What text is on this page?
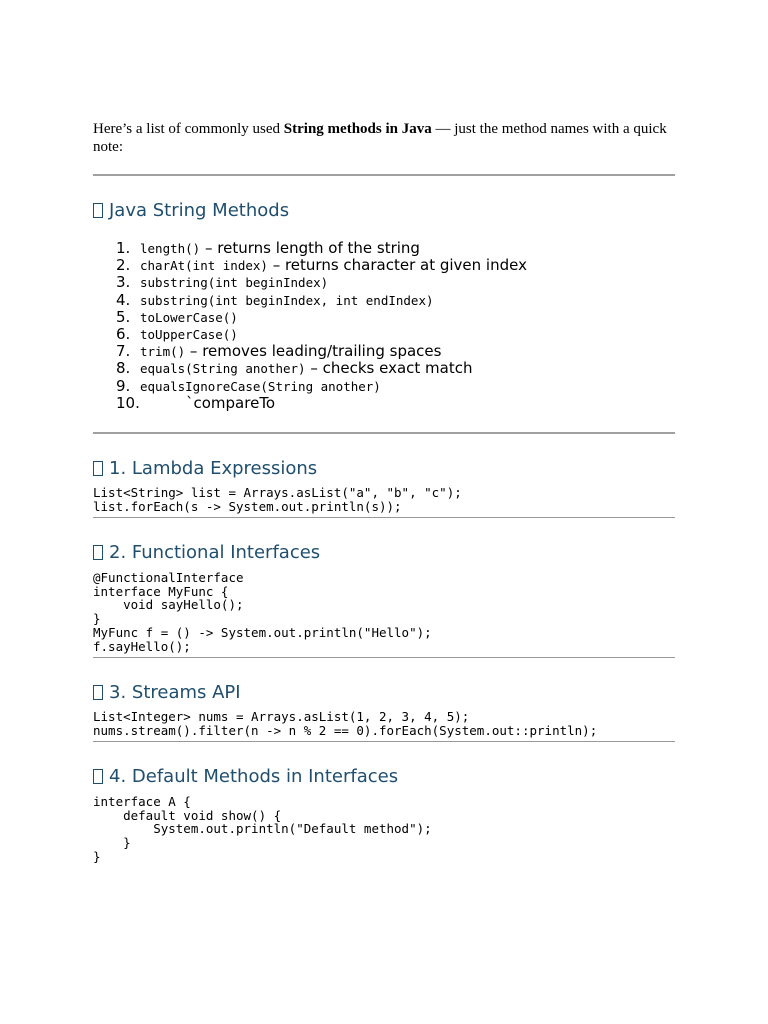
Here’s a list of commonly used String methods in Java — just the method names with a quick note:

Java String Methods
1. length() – returns length of the string
2. charAt(int index) – returns character at given index
3. substring(int beginIndex)
4. substring(int beginIndex, int endIndex)
5. toLowerCase()
6. toUpperCase()
7. trim() – removes leading/trailing spaces
8. equals(String another) – checks exact match
9. equalsIgnoreCase(String another)
10.	`compareTo
1. Lambda Expressions
List<String> list = Arrays.asList("a", "b", "c");
list.forEach(s -> System.out.println(s));
2. Functional Interfaces
@FunctionalInterface
interface MyFunc {
void sayHello();
}
MyFunc f = () -> System.out.println("Hello");
f.sayHello();
3. Streams API
List<Integer> nums = Arrays.asList(1, 2, 3, 4, 5);
nums.stream().filter(n -> n % 2 == 0).forEach(System.out::println);
4. Default Methods in Interfaces
interface A {
default void show() {
System.out.println("Default method");
}
}
